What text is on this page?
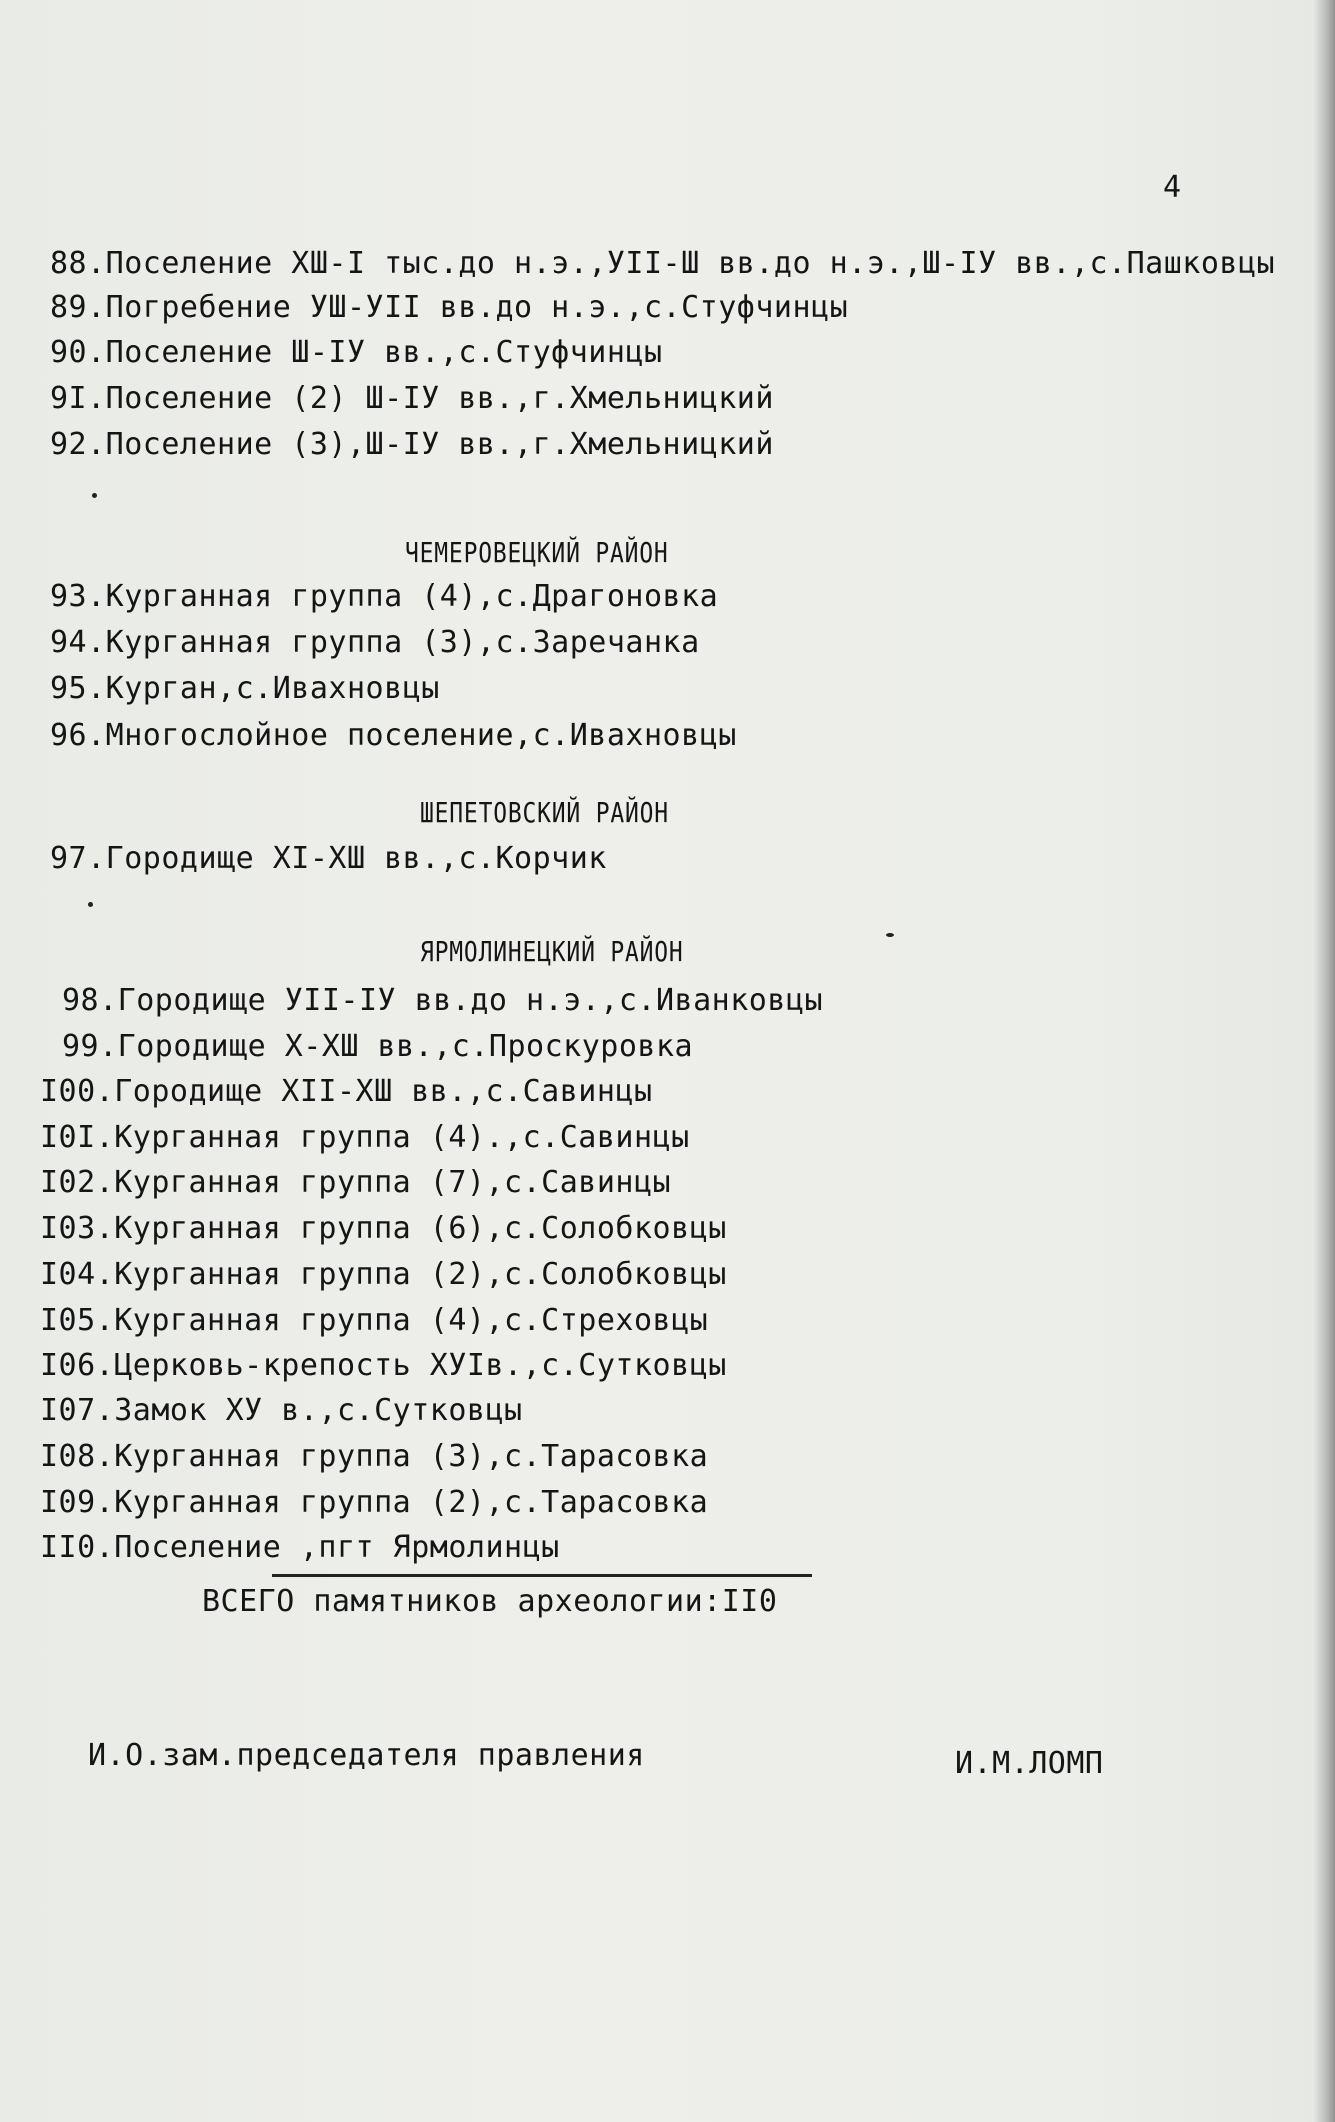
4
88.Поселение ХШ-I тыс.до н.э.,УII-Ш вв.до н.э.,Ш-IУ вв.,с.Пашковцы
89.Погребение УШ-УII вв.до н.э.,с.Стуфчинцы
90.Поселение Ш-IУ вв.,с.Стуфчинцы
9I.Поселение (2) Ш-IУ вв.,г.Хмельницкий
92.Поселение (3),Ш-IУ вв.,г.Хмельницкий
ЧЕМЕРОВЕЦКИЙ РАЙОН
93.Курганная группа (4),с.Драгоновка
94.Курганная группа (3),с.Заречанка
95.Курган,с.Ивахновцы
96.Многослойное поселение,с.Ивахновцы
ШЕПЕТОВСКИЙ РАЙОН
97.Городище XI-XШ вв.,с.Корчик
ЯРМОЛИНЕЦКИЙ РАЙОН
98.Городище УII-IУ вв.до н.э.,с.Иванковцы
99.Городище Х-XШ вв.,с.Проскуровка
I00.Городище XII-XШ вв.,с.Савинцы
I0I.Курганная группа (4).,с.Савинцы
I02.Курганная группа (7),с.Савинцы
I03.Курганная группа (6),с.Солобковцы
I04.Курганная группа (2),с.Солобковцы
I05.Курганная группа (4),с.Стреховцы
I06.Церковь-крепость ХУIв.,с.Сутковцы
I07.Замок ХУ в.,с.Сутковцы
I08.Курганная группа (3),с.Тарасовка
I09.Курганная группа (2),с.Тарасовка
II0.Поселение ,пгт Ярмолинцы
ВСЕГО памятников археологии:II0
И.О.зам.председателя правления	И.М.ЛОМП
